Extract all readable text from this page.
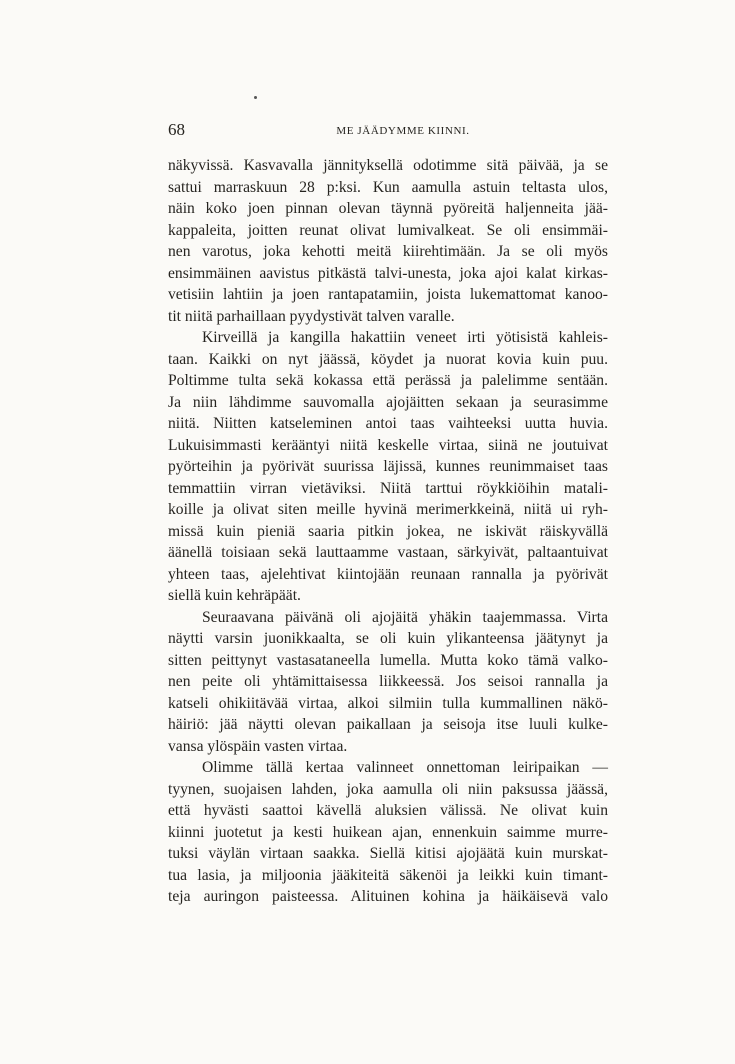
68	ME JÄÄDYMME KIINNI.
näkyvissä. Kasvavalla jännityksellä odotimme sitä päivää, ja se
sattui marraskuun 28 p:ksi. Kun aamulla astuin teltasta ulos,
näin koko joen pinnan olevan täynnä pyöreitä haljenneita jää-
kappaleita, joitten reunat olivat lumivalkeat. Se oli ensimmäi-
nen varotus, joka kehotti meitä kiirehtimään. Ja se oli myös
ensimmäinen aavistus pitkästä talvi-unesta, joka ajoi kalat kirkas-
vetisiin lahtiin ja joen rantapatamiin, joista lukemattomat kanoo-
tit niitä parhaillaan pyydystivät talven varalle.
Kirveillä ja kangilla hakattiin veneet irti yötisistä kahleis-
taan. Kaikki on nyt jäässä, köydet ja nuorat kovia kuin puu.
Poltimme tulta sekä kokassa että perässä ja palelimme sentään.
Ja niin lähdimme sauvomalla ajojäitten sekaan ja seurasimme
niitä. Niitten katseleminen antoi taas vaihteeksi uutta huvia.
Lukuisimmasti kerääntyi niitä keskelle virtaa, siinä ne joutuivat
pyörteihin ja pyörivät suurissa läjissä, kunnes reunimmaiset taas
temmattiin virran vietäviksi. Niitä tarttui röykkiöihin matali-
koille ja olivat siten meille hyvinä merimerkkeinä, niitä ui ryh-
missä kuin pieniä saaria pitkin jokea, ne iskivät räiskyvällä
äänellä toisiaan sekä lauttaamme vastaan, särkyivät, paltaantuivat
yhteen taas, ajelehtivat kiintojään reunaan rannalla ja pyörivät
siellä kuin kehräpäät.
Seuraavana päivänä oli ajojäitä yhäkin taajemmassa. Virta
näytti varsin juonikkaalta, se oli kuin ylikanteensa jäätynyt ja
sitten peittynyt vastasataneella lumella. Mutta koko tämä valko-
nen peite oli yhtämittaisessa liikkeessä. Jos seisoi rannalla ja
katseli ohikiitävää virtaa, alkoi silmiin tulla kummallinen näkö-
häiriö: jää näytti olevan paikallaan ja seisoja itse luuli kulke-
vansa ylöspäin vasten virtaa.
Olimme tällä kertaa valinneet onnettoman leiripaikan —
tyynen, suojaisen lahden, joka aamulla oli niin paksussa jäässä,
että hyvästi saattoi kävellä aluksien välissä. Ne olivat kuin
kiinni juotetut ja kesti huikean ajan, ennenkuin saimme murre-
tuksi väylän virtaan saakka. Siellä kitisi ajojäätä kuin murskat-
tua lasia, ja miljoonia jääkiteitä säkenöi ja leikki kuin timant-
teja auringon paisteessa. Alituinen kohina ja häikäisevä valo
